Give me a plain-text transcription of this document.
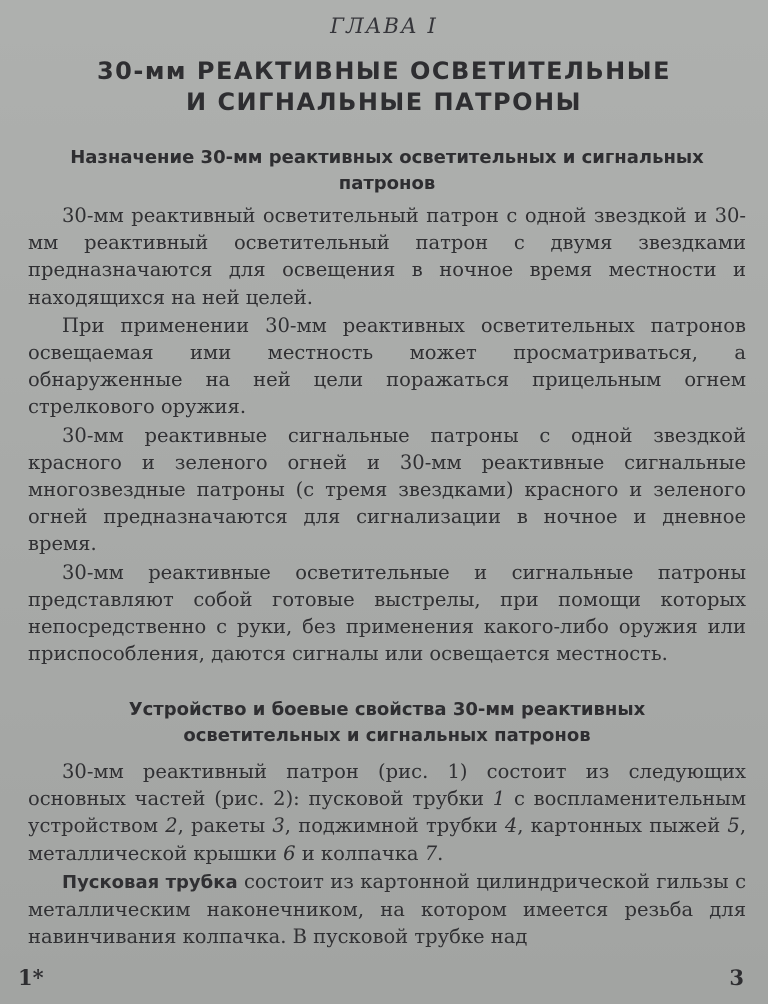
ГЛАВА I
30-мм РЕАКТИВНЫЕ ОСВЕТИТЕЛЬНЫЕ
И СИГНАЛЬНЫЕ ПАТРОНЫ
Назначение 30-мм реактивных осветительных и сигнальных
патронов

30-мм реактивный осветительный патрон с одной звездкой и 30-мм реактивный осветительный патрон с двумя звездками предназначаются для освещения в ночное время местности и находящихся на ней целей.

При применении 30-мм реактивных осветительных патронов освещаемая ими местность может просматриваться, а обнаруженные на ней цели поражаться прицельным огнем стрелкового оружия.

30-мм реактивные сигнальные патроны с одной звездкой красного и зеленого огней и 30-мм реактивные сигнальные многозвездные патроны (с тремя звездками) красного и зеленого огней предназначаются для сигнализации в ночное и дневное время.

30-мм реактивные осветительные и сигнальные патроны представляют собой готовые выстрелы, при помощи которых непосредственно с руки, без применения какого-либо оружия или приспособления, даются сигналы или освещается местность.

Устройство и боевые свойства 30-мм реактивных
осветительных и сигнальных патронов

30-мм реактивный патрон (рис. 1) состоит из следующих основных частей (рис. 2): пусковой трубки 1 с воспламенительным устройством 2, ракеты 3, поджимной трубки 4, картонных пыжей 5, металлической крышки 6 и колпачка 7.

Пусковая трубка состоит из картонной цилиндрической гильзы с металлическим наконечником, на котором имеется резьба для навинчивания колпачка. В пусковой трубке над

1*	3
